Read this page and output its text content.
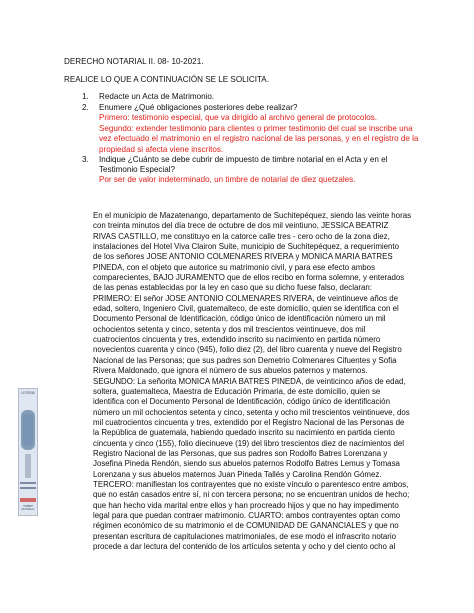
DERECHO NOTARIAL II. 08- 10-2021.
REALICE LO QUE A CONTINUACIÓN SE LE SOLICITA.
1. Redacte un Acta de Matrimonio.
2. Enumere ¿Qué obligaciones posteriores debe realizar?
Primero: testimonio especial, que va dirigido al archivo general de protocolos.
Segundo: extender testimonio para clientes o primer testimonio del cual se inscribe una
vez efectuado el matrimonio en el registro nacional de las personas, y en el registro de la
propiedad si afecta viene inscritos.
3. Indique ¿Cuánto se debe cubrir de impuesto de timbre notarial en el Acta y en el
Testimonio Especial?
Por ser de valor indeterminado, un timbre de notarial de diez quetzales.
LOTERÍA
TIMBRE NOTARIAL

En el municipio de Mazatenango, departamento de Suchitepéquez, siendo las veinte horas

con treinta minutos del día trece de octubre de dos mil veintiuno, JESSICA BEATRIZ

RIVAS CASTILLO, me constituyo en la catorce calle tres - cero ocho de la zona diez,

instalaciones del Hotel Viva Clairon Suite, municipio de Suchitepéquez, a requerimiento

de los señores JOSE ANTONIO COLMENARES RIVERA y MONICA MARIA BATRES

PINEDA, con el objeto que autorice su matrimonio civil, y para ese efecto ambos

comparecientes, BAJO JURAMENTO que de ellos recibo en forma solemne, y enterados

de las penas establecidas por la ley en caso que su dicho fuese falso, declaran:

PRIMERO: El señor JOSE ANTONIO COLMENARES RIVERA, de veintinueve años de

edad, soltero, Ingeniero Civil, guatemalteco, de este domicilio, quien se identifica con el

Documento Personal de Identificación, código único de identificación número un mil

ochocientos setenta y cinco, setenta y dos mil trescientos veintinueve, dos mil

cuatrocientos cincuenta y tres, extendido inscrito su nacimiento en partida número

novecientos cuarenta y cinco (945), folio diez (2), del libro cuarenta y nueve del Registro

Nacional de las Personas; que sus padres son Demetrio Colmenares Cifuentes y Sofia

Rivera Maldonado, que ignora el número de sus abuelos paternos y maternos.

SEGUNDO: La señorita MONICA MARIA BATRES PINEDA, de veinticinco años de edad,

soltera, guatemalteca, Maestra de Educación Primaria, de este domicilio, quien se

identifica con el Documento Personal de Identificación, código único de identificación

número un mil ochocientos setenta y cinco, setenta y ocho mil trescientos veintinueve, dos

mil cuatrocientos cincuenta y tres, extendido por el Registro Nacional de las Personas de

la República de guatemala, habiendo quedado inscrito su nacimiento en partida ciento

cincuenta y cinco (155), folio diecinueve (19) del libro trescientos diez de nacimientos del

Registro Nacional de las Personas, que sus padres son Rodolfo Batres Lorenzana y

Josefina Pineda Rendón, siendo sus abuelos paternos Rodolfo Batres Lemus y Tomasa

Lorenzana y sus abuelos maternos Juan Pineda Tallés y Carolina Rendón Gómez.

TERCERO: manifiestan los contrayentes que no existe vínculo o parentesco entre ambos,

que no están casados entre sí, ni con tercera persona; no se encuentran unidos de hecho;

que han hecho vida marital entre ellos y han procreado hijos y que no hay impedimento

legal para que puedan contraer matrimonio. CUARTO: ambos contrayentes optan como

régimen económico de su matrimonio el de COMUNIDAD DE GANANCIALES y que no

presentan escritura de capitulaciones matrimoniales, de ese modo el infrascrito notario

procede a dar lectura del contenido de los artículos setenta y ocho y del ciento ocho al
